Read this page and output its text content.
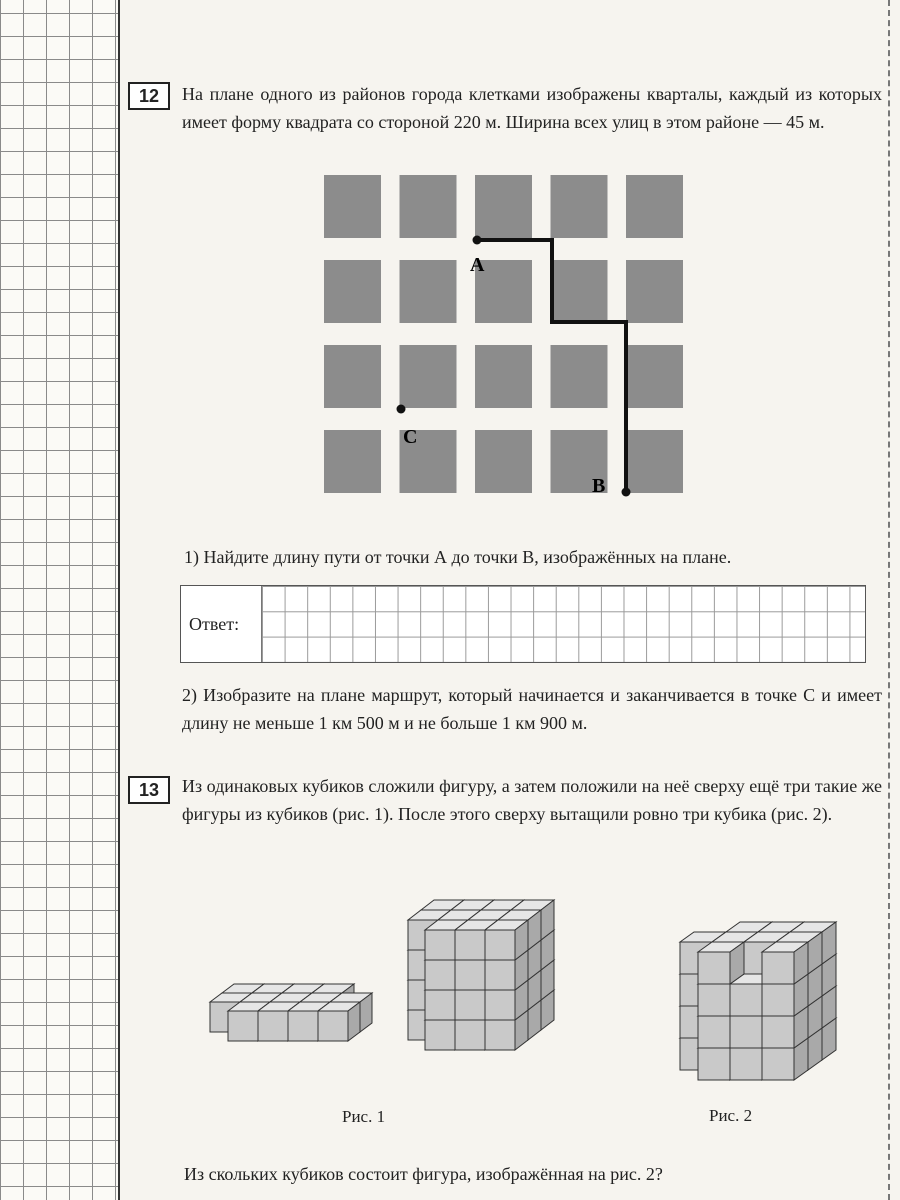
12	На плане одного из районов города клетками изображены кварталы, каждый из которых имеет форму квадрата со стороной 220 м. Ширина всех улиц в этом районе — 45 м.
A
B
C
1) Найдите длину пути от точки А до точки В, изображённых на плане.
Ответ:
2) Изобразите на плане маршрут, который начинается и заканчивается в точке С и имеет длину не меньше 1 км 500 м и не больше 1 км 900 м.
13	Из одинаковых кубиков сложили фигуру, а затем положили на неё сверху ещё три такие же фигуры из кубиков (рис. 1). После этого сверху вытащили ровно три кубика (рис. 2).
Рис. 1	Рис. 2
Из скольких кубиков состоит фигура, изображённая на рис. 2?
